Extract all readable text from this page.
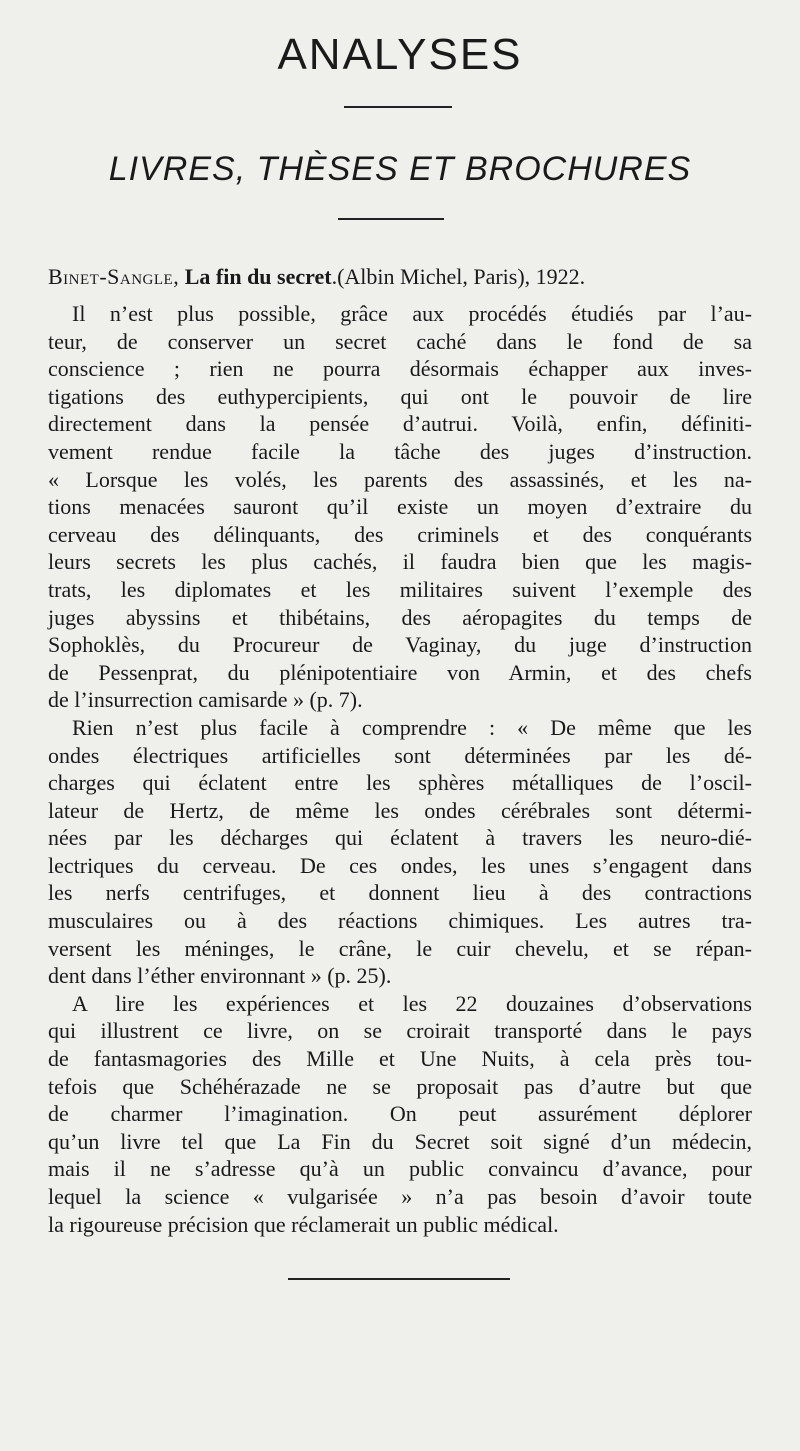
ANALYSES
LIVRES, THÈSES ET BROCHURES
Binet-Sangle, La fin du secret.(Albin Michel, Paris), 1922.
Il n’est plus possible, grâce aux procédés étudiés par l’au-
teur, de conserver un secret caché dans le fond de sa
conscience ; rien ne pourra désormais échapper aux inves-
tigations des euthypercipients, qui ont le pouvoir de lire
directement dans la pensée d’autrui. Voilà, enfin, définiti-
vement rendue facile la tâche des juges d’instruction.
« Lorsque les volés, les parents des assassinés, et les na-
tions menacées sauront qu’il existe un moyen d’extraire du
cerveau des délinquants, des criminels et des conquérants
leurs secrets les plus cachés, il faudra bien que les magis-
trats, les diplomates et les militaires suivent l’exemple des
juges abyssins et thibétains, des aéropagites du temps de
Sophoklès, du Procureur de Vaginay, du juge d’instruction
de Pessenprat, du plénipotentiaire von Armin, et des chefs
de l’insurrection camisarde » (p. 7).
Rien n’est plus facile à comprendre : « De même que les
ondes électriques artificielles sont déterminées par les dé-
charges qui éclatent entre les sphères métalliques de l’oscil-
lateur de Hertz, de même les ondes cérébrales sont détermi-
nées par les décharges qui éclatent à travers les neuro-dié-
lectriques du cerveau. De ces ondes, les unes s’engagent dans
les nerfs centrifuges, et donnent lieu à des contractions
musculaires ou à des réactions chimiques. Les autres tra-
versent les méninges, le crâne, le cuir chevelu, et se répan-
dent dans l’éther environnant » (p. 25).
A lire les expériences et les 22 douzaines d’observations
qui illustrent ce livre, on se croirait transporté dans le pays
de fantasmagories des Mille et Une Nuits, à cela près tou-
tefois que Schéhérazade ne se proposait pas d’autre but que
de charmer l’imagination. On peut assurément déplorer
qu’un livre tel que La Fin du Secret soit signé d’un médecin,
mais il ne s’adresse qu’à un public convaincu d’avance, pour
lequel la science « vulgarisée » n’a pas besoin d’avoir toute
la rigoureuse précision que réclamerait un public médical.
